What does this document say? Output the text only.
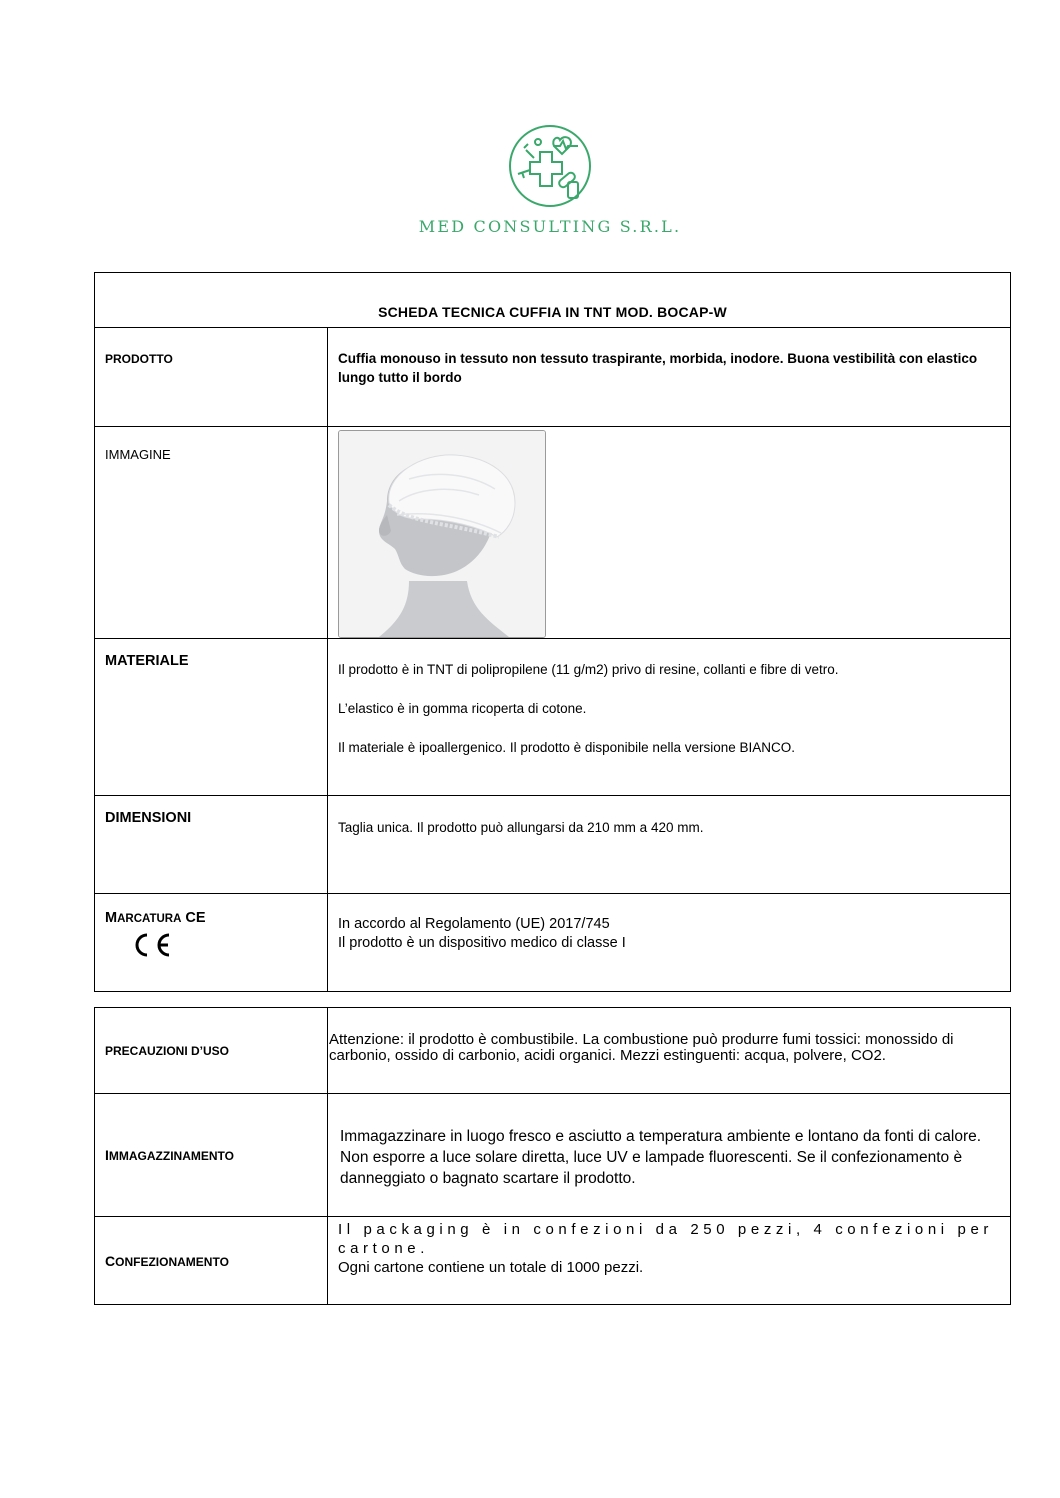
MED CONSULTING S.R.L.
SCHEDA TECNICA CUFFIA IN TNT MOD. BOCAP-W	
PRODOTTO	Cuffia monouso in tessuto non tessuto traspirante, morbida, inodore. Buona vestibilità con elastico lungo tutto il bordo
IMMAGINE	

MATERIALE	Il prodotto è in TNT di polipropilene (11 g/m2) privo di resine, collanti e fibre di vetro.

L’elastico è in gomma ricoperta di cotone.

Il materiale è ipoallergenico. Il prodotto è disponibile nella versione BIANCO.

DIMENSIONI	Taglia unica. Il prodotto può allungarsi da 210 mm a 420 mm.
MARCATURA CE	In accordo al Regolamento (UE) 2017/745
Il prodotto è un dispositivo medico di classe I
PRECAUZIONI D’USO	Attenzione: il prodotto è combustibile. La combustione può produrre fumi tossici: monossido di carbonio, ossido di carbonio, acidi organici. Mezzi estinguenti: acqua, polvere, CO2.
IMMAGAZZINAMENTO	Immagazzinare in luogo fresco e asciutto a temperatura ambiente e lontano da fonti di calore. Non esporre a luce solare diretta, luce UV e lampade fluorescenti. Se il confezionamento è danneggiato o bagnato scartare il prodotto.
CONFEZIONAMENTO	Il packaging è in confezioni da 250 pezzi, 4 confezioni per cartone.
Ogni cartone contiene un totale di 1000 pezzi.
